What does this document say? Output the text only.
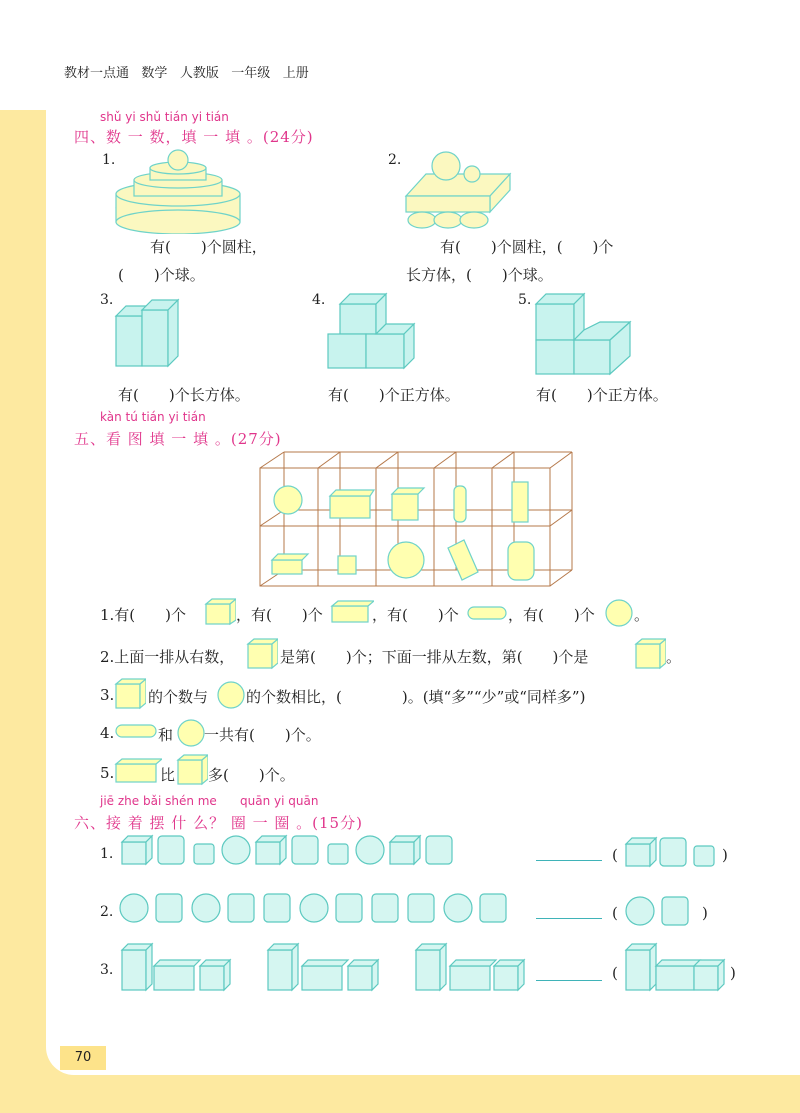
教材一点通 数学 人教版 一年级 上册
shǔ yi shǔ tián yi tián
四、数 一 数，填 一 填 。(24分)
1.
有(　　)个圆柱，
(　　)个球。
2.
有(　　)个圆柱，(　　)个
长方体，(　　)个球。
3.
有(　　)个长方体。
4.
有(　　)个正方体。
5.
有(　　)个正方体。
kàn tú tián yi tián
五、看 图 填 一 填 。(27分)
1.有(　　)个	，有(　　)个	，有(　　)个	，有(　　)个	。
2.上面一排从右数，	是第(　　)个；下面一排从左数，第(　　)个是	。
3. 的个数与	的个数相比，(　　　　)。(填“多”“少”或“同样多”)
4.	和 一共有(　　)个。
5.	比 多(　　)个。
jiē zhe bǎi shén me quān yi quān
六、接 着 摆 什 么？ 圈 一 圈 。(15分)
1.	(	)
2.	(	)
3.	(	)
70
